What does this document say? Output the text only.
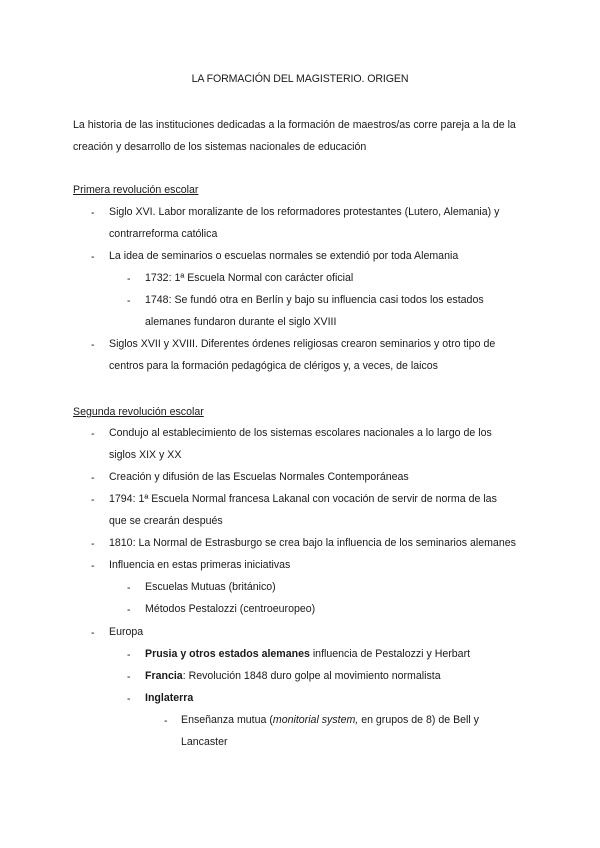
LA FORMACIÓN DEL MAGISTERIO. ORIGEN
La historia de las instituciones dedicadas a la formación de maestros/as corre pareja a la de la creación y desarrollo de los sistemas nacionales de educación
Primera revolución escolar
- Siglo XVI. Labor moralizante de los reformadores protestantes (Lutero, Alemania) y
contrarreforma católica
- La idea de seminarios o escuelas normales se extendió por toda Alemania
- 1732: 1ª Escuela Normal con carácter oficial
- 1748: Se fundó otra en Berlín y bajo su influencia casi todos los estados
alemanes fundaron durante el siglo XVIII
- Siglos XVII y XVIII. Diferentes órdenes religiosas crearon seminarios y otro tipo de
centros para la formación pedagógica de clérigos y, a veces, de laicos
Segunda revolución escolar
- Condujo al establecimiento de los sistemas escolares nacionales a lo largo de los
siglos XIX y XX
- Creación y difusión de las Escuelas Normales Contemporáneas
- 1794: 1ª Escuela Normal francesa Lakanal con vocación de servir de norma de las
que se crearán después
- 1810: La Normal de Estrasburgo se crea bajo la influencia de los seminarios alemanes
- Influencia en estas primeras iniciativas
- Escuelas Mutuas (británico)
- Métodos Pestalozzi (centroeuropeo)
- Europa
- Prusia y otros estados alemanes influencia de Pestalozzi y Herbart
- Francia: Revolución 1848 duro golpe al movimiento normalista
- Inglaterra
- Enseñanza mutua (monitorial system, en grupos de 8) de Bell y
Lancaster
